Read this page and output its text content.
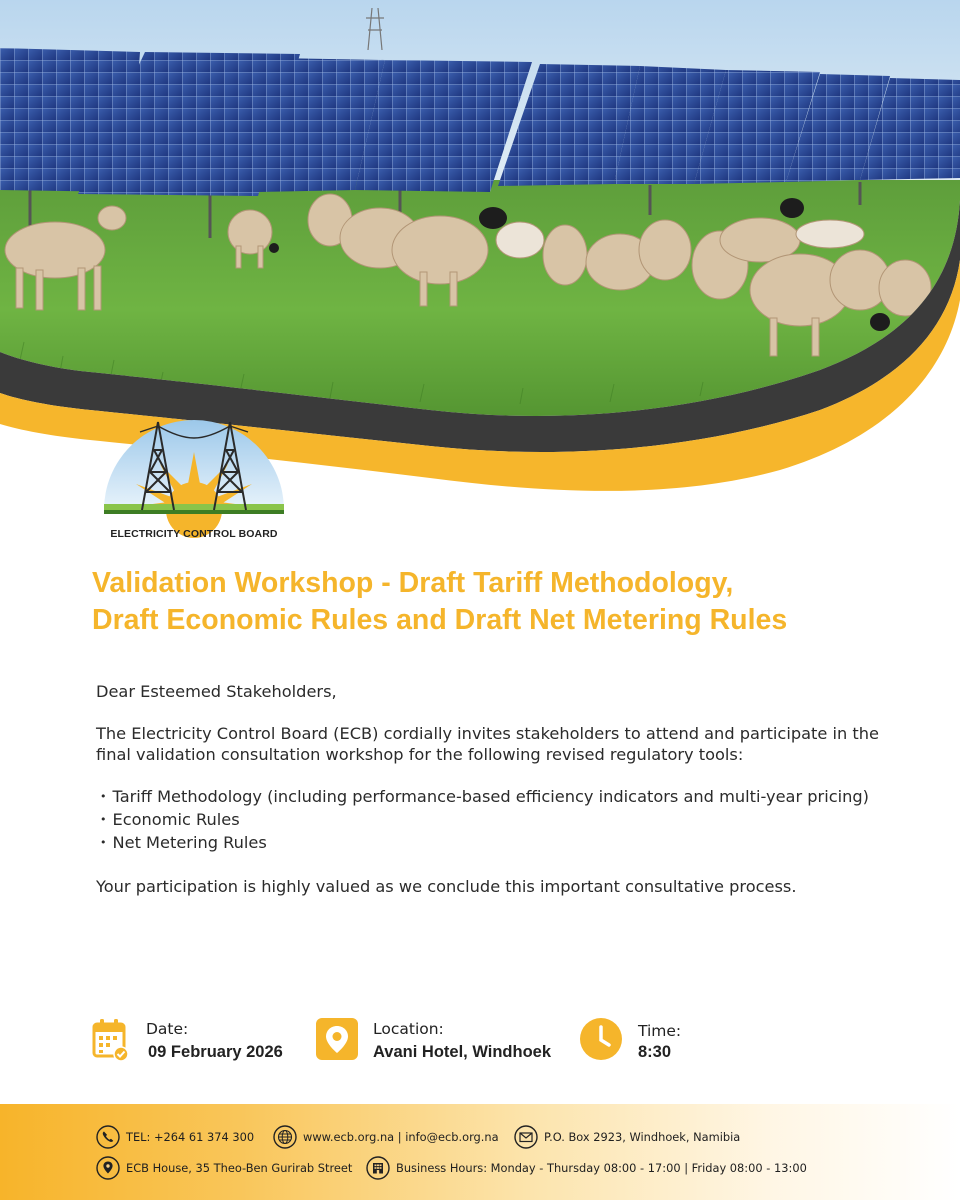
ELECTRICITY CONTROL BOARD
Validation Workshop - Draft Tariff Methodology,
Draft Economic Rules and Draft Net Metering Rules

Dear Esteemed Stakeholders,

The Electricity Control Board (ECB) cordially invites stakeholders to attend and participate in the

final validation consultation workshop for the following revised regulatory tools:

• Tariff Methodology (including performance-based efficiency indicators and multi-year pricing)

• Economic Rules

• Net Metering Rules

Your participation is highly valued as we conclude this important consultative process.

Date:
09 February 2026
Location:
Avani Hotel, Windhoek
Time:
8:30
TEL: +264 61 374 300	www.ecb.org.na | info@ecb.org.na	P.O. Box 2923, Windhoek, Namibia
ECB House, 35 Theo-Ben Gurirab Street	Business Hours: Monday - Thursday 08:00 - 17:00 | Friday 08:00 - 13:00
